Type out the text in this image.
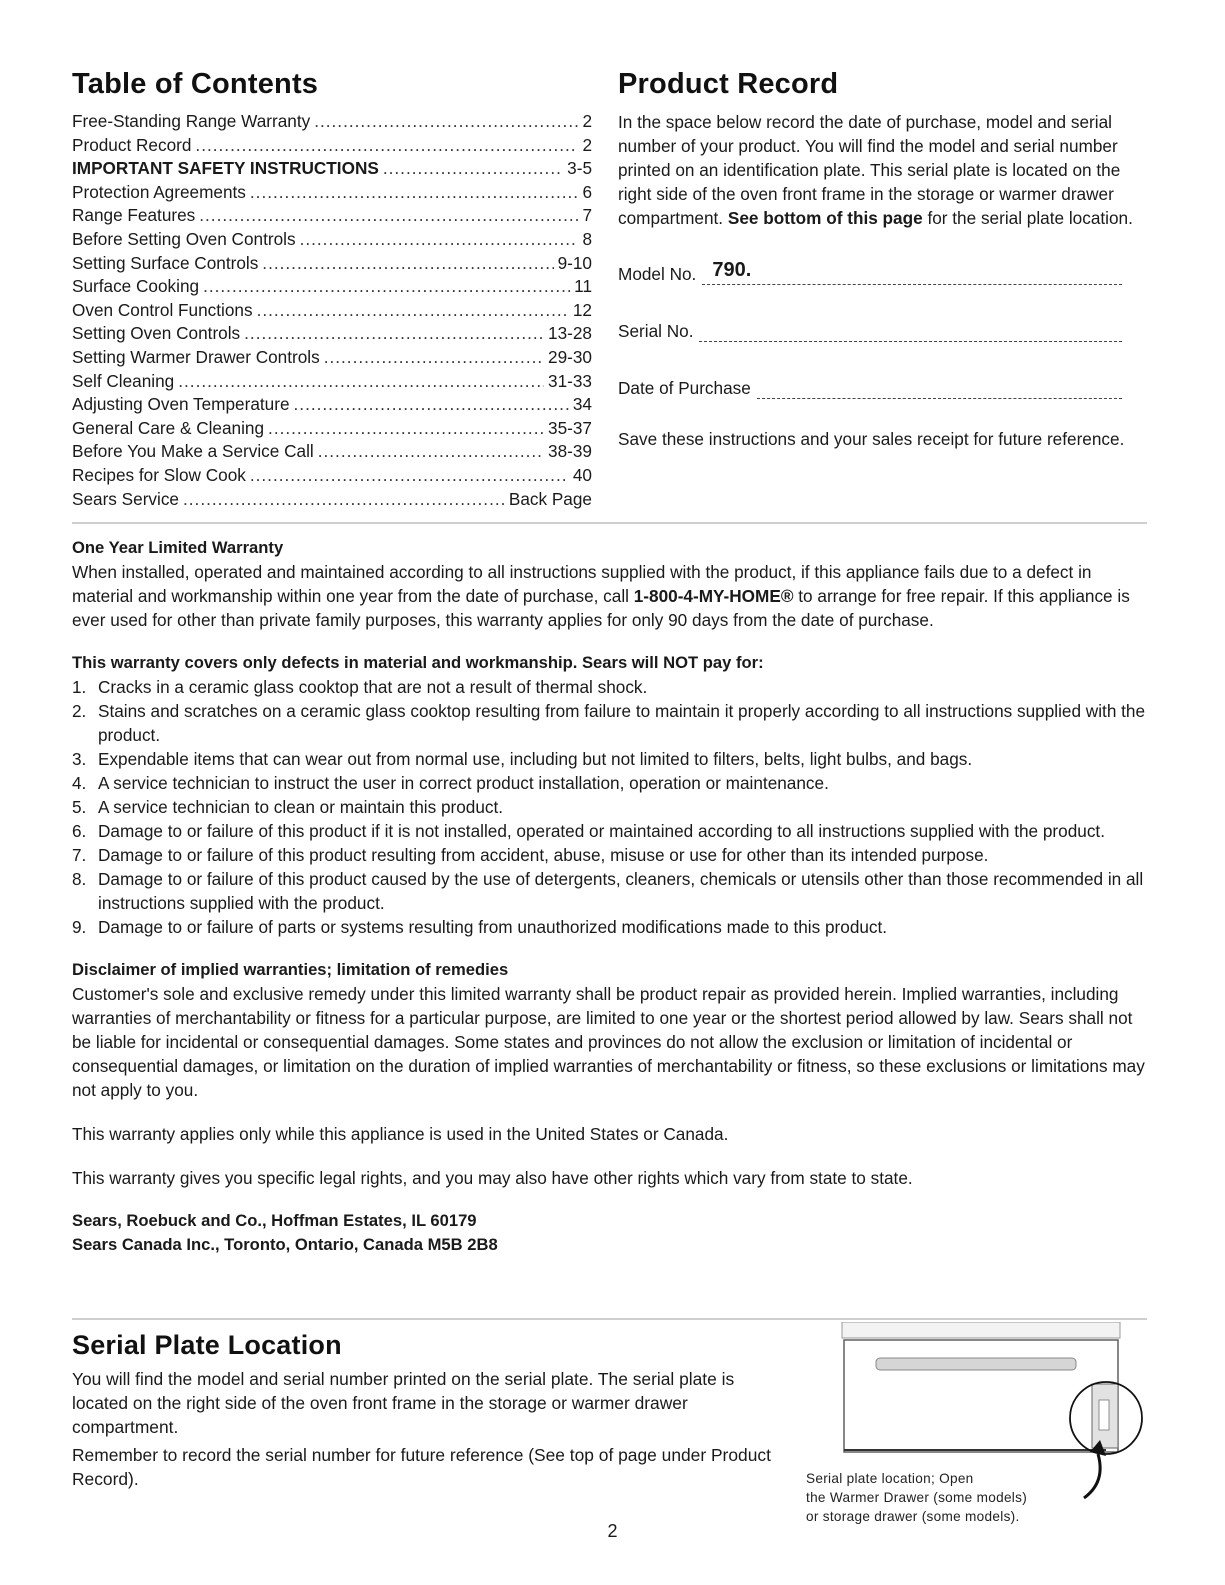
Table of Contents
Free-Standing Range Warranty .....	2
Product Record .....	2
IMPORTANT SAFETY INSTRUCTIONS .....	3-5
Protection Agreements .....	6
Range Features .....	7
Before Setting Oven Controls .....	8
Setting Surface Controls .....	9-10
Surface Cooking .....	11
Oven Control Functions .....	12
Setting Oven Controls .....	13-28
Setting Warmer Drawer Controls .....	29-30
Self Cleaning .....	31-33
Adjusting Oven Temperature .....	34
General Care & Cleaning .....	35-37
Before You Make a Service Call .....	38-39
Recipes for Slow Cook .....	40
Sears Service .....	Back Page
Product Record

In the space below record the date of purchase, model and serial number of your product. You will find the model and serial number printed on an identification plate. This serial plate is located on the right side of the oven front frame in the storage or warmer drawer compartment. See bottom of this page for the serial plate location.

Model No. 790.
Serial No.
Date of Purchase

Save these instructions and your sales receipt for future reference.

One Year Limited Warranty

When installed, operated and maintained according to all instructions supplied with the product, if this appliance fails due to a defect in material and workmanship within one year from the date of purchase, call 1-800-4-MY-HOME® to arrange for free repair. If this appliance is ever used for other than private family purposes, this warranty applies for only 90 days from the date of purchase.

This warranty covers only defects in material and workmanship. Sears will NOT pay for:
1. Cracks in a ceramic glass cooktop that are not a result of thermal shock.
2. Stains and scratches on a ceramic glass cooktop resulting from failure to maintain it properly according to all instructions supplied with the product.
3. Expendable items that can wear out from normal use, including but not limited to filters, belts, light bulbs, and bags.
4. A service technician to instruct the user in correct product installation, operation or maintenance.
5. A service technician to clean or maintain this product.
6. Damage to or failure of this product if it is not installed, operated or maintained according to all instructions supplied with the product.
7. Damage to or failure of this product resulting from accident, abuse, misuse or use for other than its intended purpose.
8. Damage to or failure of this product caused by the use of detergents, cleaners, chemicals or utensils other than those recommended in all instructions supplied with the product.
9. Damage to or failure of parts or systems resulting from unauthorized modifications made to this product.
Disclaimer of implied warranties; limitation of remedies

Customer's sole and exclusive remedy under this limited warranty shall be product repair as provided herein. Implied warranties, including warranties of merchantability or fitness for a particular purpose, are limited to one year or the shortest period allowed by law. Sears shall not be liable for incidental or consequential damages. Some states and provinces do not allow the exclusion or limitation of incidental or consequential damages, or limitation on the duration of implied warranties of merchantability or fitness, so these exclusions or limitations may not apply to you.

This warranty applies only while this appliance is used in the United States or Canada.

This warranty gives you specific legal rights, and you may also have other rights which vary from state to state.

Sears, Roebuck and Co., Hoffman Estates, IL 60179
Sears Canada Inc., Toronto, Ontario, Canada M5B 2B8
Serial Plate Location

You will find the model and serial number printed on the serial plate. The serial plate is located on the right side of the oven front frame in the storage or warmer drawer compartment.

Remember to record the serial number for future reference (See top of page under Product Record).	Serial plate location; Open
the Warmer Drawer (some models)
or storage drawer (some models).
2
